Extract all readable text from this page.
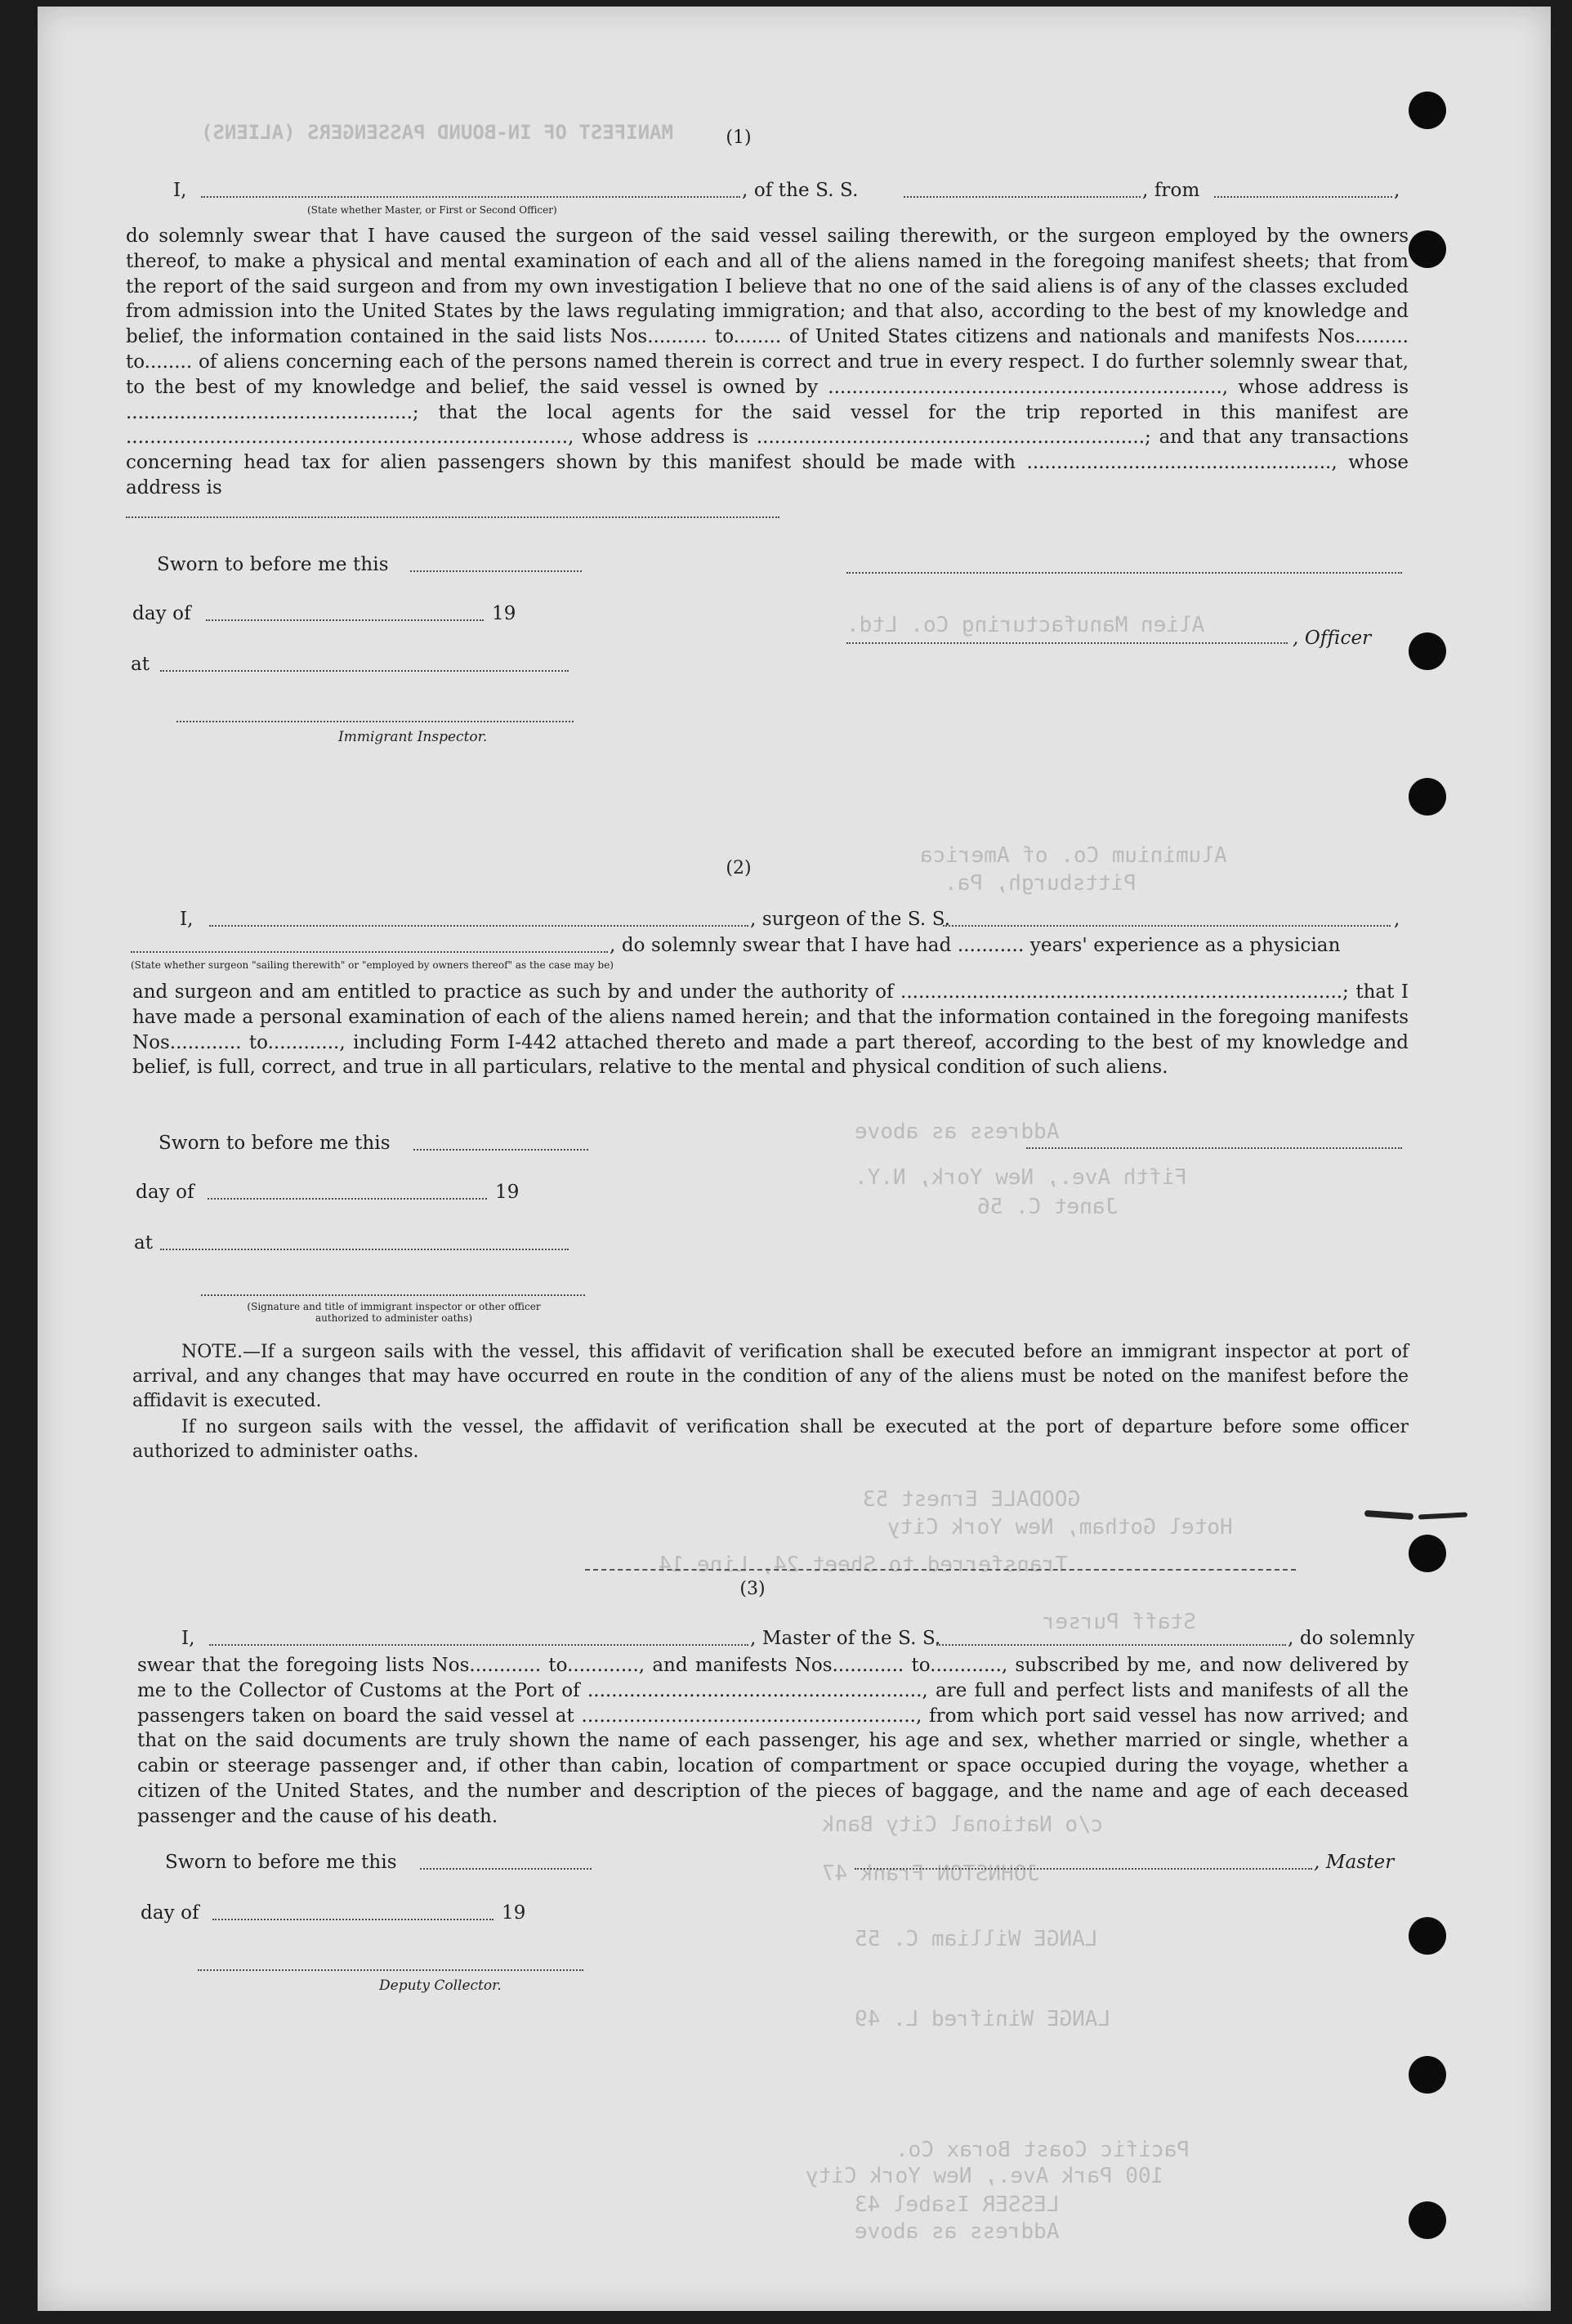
MANIFEST OF IN-BOUND PASSENGERS (ALIENS)
Alien Manufacturing Co. Ltd.
Aluminium Co. of America
Pittsburgh, Pa.
Address as above
Janet C. 56
Fifth Ave., New York, N.Y.
GOODALE Ernest 53
Hotel Gotham, New York City
Transferred to Sheet 24, Line 14
Staff Purser
c/o National City Bank
JOHNSTON Frank 47
LANGE William C. 55
LANGE Winifred L. 49
Pacific Coast Borax Co.
100 Park Ave., New York City
LESSER Isabel 43
Address as above
(1)
I,	, of the S. S.	, from	,
(State whether Master, or First or Second Officer)
do solemnly swear that I have caused the surgeon of the said vessel sailing therewith, or the surgeon employed by the owners thereof, to make a physical and mental examination of each and all of the aliens named in the foregoing manifest sheets; that from the report of the said surgeon and from my own investigation I believe that no one of the said aliens is of any of the classes excluded from admission into the United States by the laws regulating immigration; and that also, according to the best of my knowledge and belief, the information contained in the said lists Nos.......... to........ of United States citizens and nationals and manifests Nos......... to........ of aliens concerning each of the persons named therein is correct and true in every respect. I do further solemnly swear that, to the best of my knowledge and belief, the said vessel is owned by .................................................................., whose address is ................................................; that the local agents for the said vessel for the trip reported in this manifest are .........................................................................., whose address is .................................................................; and that any transactions concerning head tax for alien passengers shown by this manifest should be made with ..................................................., whose address is
Sworn to before me this
day of	19
, Officer
at
Immigrant Inspector.
(2)
I,	, surgeon of the S. S.	,
, do solemnly swear that I have had ........... years' experience as a physician
(State whether surgeon "sailing therewith" or "employed by owners thereof" as the case may be)
and surgeon and am entitled to practice as such by and under the authority of ..........................................................................; that I have made a personal examination of each of the aliens named herein; and that the information contained in the foregoing manifests Nos............ to............, including Form I-442 attached thereto and made a part thereof, according to the best of my knowledge and belief, is full, correct, and true in all particulars, relative to the mental and physical condition of such aliens.
Sworn to before me this
day of	19
at
(Signature and title of immigrant inspector or other officer authorized to administer oaths)
NOTE.—If a surgeon sails with the vessel, this affidavit of verification shall be executed before an immigrant inspector at port of arrival, and any changes that may have occurred en route in the condition of any of the aliens must be noted on the manifest before the affidavit is executed.
If no surgeon sails with the vessel, the affidavit of verification shall be executed at the port of departure before some officer authorized to administer oaths.
(3)
I,	, Master of the S. S.	, do solemnly
swear that the foregoing lists Nos............ to............, and manifests Nos............ to............, subscribed by me, and now delivered by me to the Collector of Customs at the Port of ........................................................, are full and perfect lists and manifests of all the passengers taken on board the said vessel at ........................................................, from which port said vessel has now arrived; and that on the said documents are truly shown the name of each passenger, his age and sex, whether married or single, whether a cabin or steerage passenger and, if other than cabin, location of compartment or space occupied during the voyage, whether a citizen of the United States, and the number and description of the pieces of baggage, and the name and age of each deceased passenger and the cause of his death.
Sworn to before me this	, Master
day of	19
Deputy Collector.
